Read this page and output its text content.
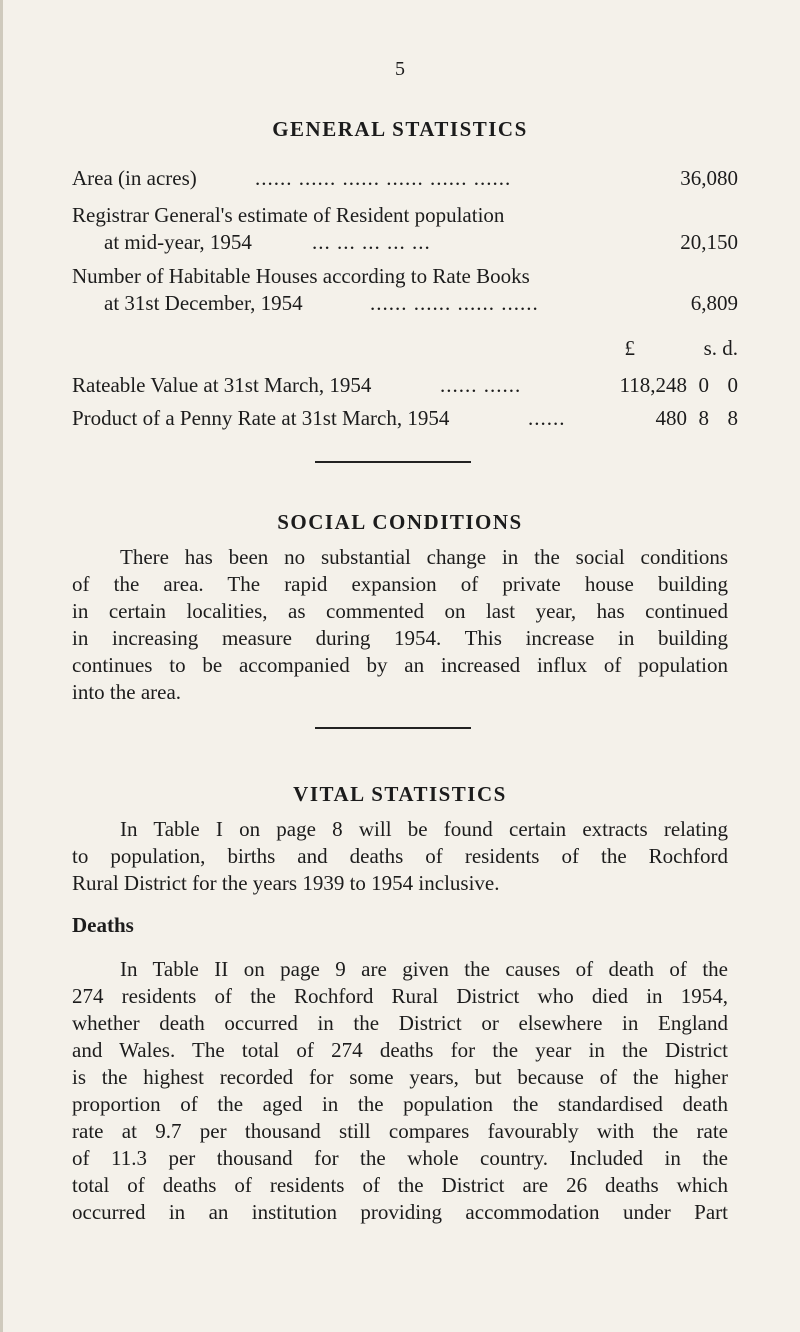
5
GENERAL STATISTICS
Area (in acres)	...... ...... ...... ...... ...... ......	36,080
Registrar General's estimate of Resident population
at mid-year, 1954	... ... ... ... ...	20,150
Number of Habitable Houses according to Rate Books
at 31st December, 1954	...... ...... ...... ......	6,809
£	s. d.
Rateable Value at 31st March, 1954	...... ......	118,248 0 0
Product of a Penny Rate at 31st March, 1954	......	480 8 8
SOCIAL CONDITIONS
There has been no substantial change in the social conditions
of the area. The rapid expansion of private house building
in certain localities, as commented on last year, has continued
in increasing measure during 1954. This increase in building
continues to be accompanied by an increased influx of population
into the area.
VITAL STATISTICS
In Table I on page 8 will be found certain extracts relating
to population, births and deaths of residents of the Rochford
Rural District for the years 1939 to 1954 inclusive.
Deaths
In Table II on page 9 are given the causes of death of the
274 residents of the Rochford Rural District who died in 1954,
whether death occurred in the District or elsewhere in England
and Wales. The total of 274 deaths for the year in the District
is the highest recorded for some years, but because of the higher
proportion of the aged in the population the standardised death
rate at 9.7 per thousand still compares favourably with the rate
of 11.3 per thousand for the whole country. Included in the
total of deaths of residents of the District are 26 deaths which
occurred in an institution providing accommodation under Part
